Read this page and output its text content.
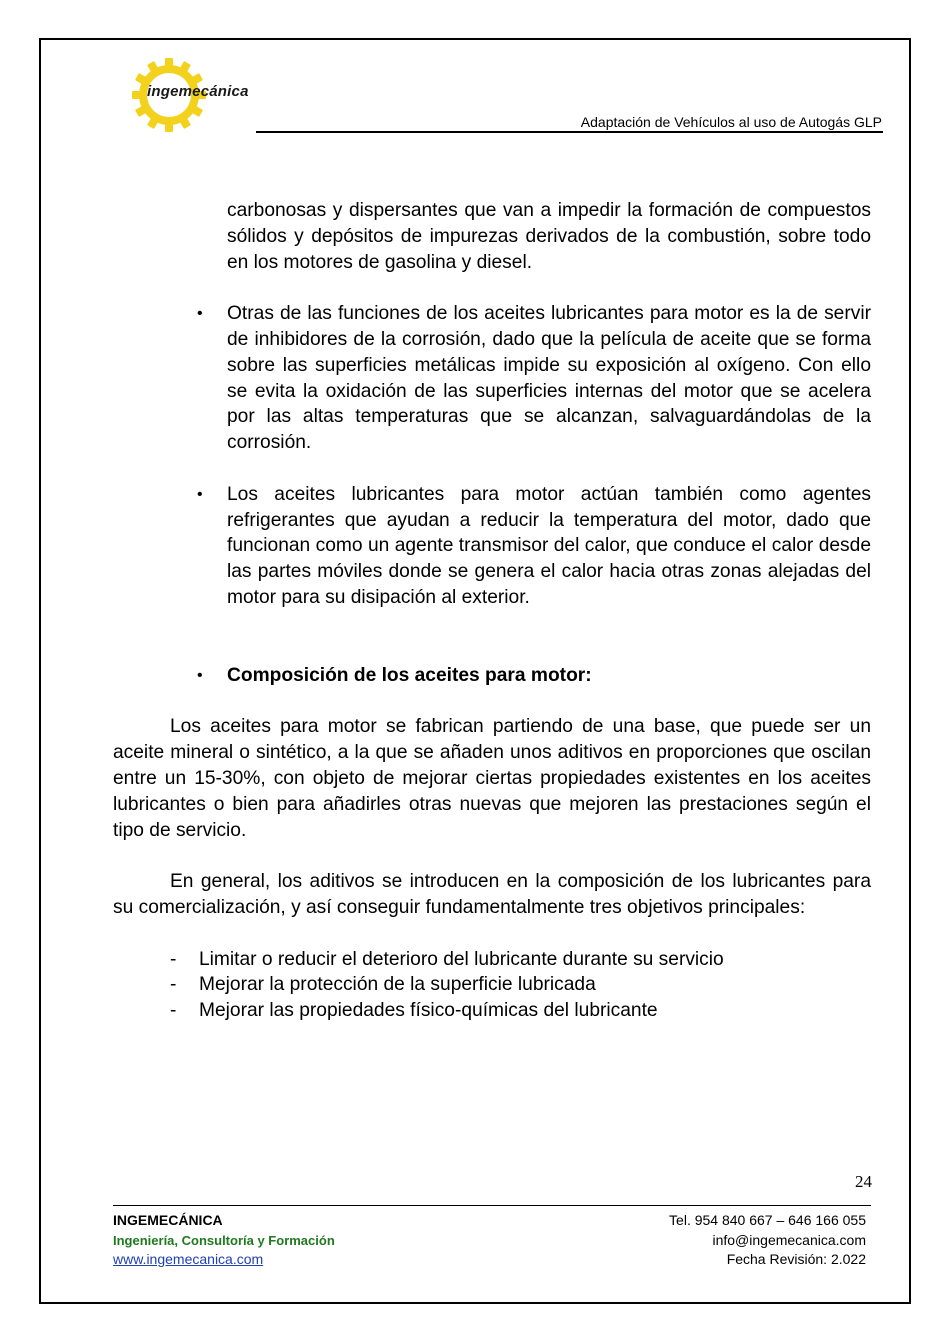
ingemecánica
Adaptación de Vehículos al uso de Autogás GLP

carbonosas y dispersantes que van a impedir la formación de compuestos sólidos y depósitos de impurezas derivados de la combustión, sobre todo en los motores de gasolina y diesel.

• Otras de las funciones de los aceites lubricantes para motor es la de servir de inhibidores de la corrosión, dado que la película de aceite que se forma sobre las superficies metálicas impide su exposición al oxígeno. Con ello se evita la oxidación de las superficies internas del motor que se acelera por las altas temperaturas que se alcanzan, salvaguardándolas de la corrosión.

• Los aceites lubricantes para motor actúan también como agentes refrigerantes que ayudan a reducir la temperatura del motor, dado que funcionan como un agente transmisor del calor, que conduce el calor desde las partes móviles donde se genera el calor hacia otras zonas alejadas del motor para su disipación al exterior.

• Composición de los aceites para motor:

Los aceites para motor se fabrican partiendo de una base, que puede ser un aceite mineral o sintético, a la que se añaden unos aditivos en proporciones que oscilan entre un 15-30%, con objeto de mejorar ciertas propiedades existentes en los aceites lubricantes o bien para añadirles otras nuevas que mejoren las prestaciones según el tipo de servicio.

En general, los aditivos se introducen en la composición de los lubricantes para su comercialización, y así conseguir fundamentalmente tres objetivos principales:

- Limitar o reducir el deterioro del lubricante durante su servicio
- Mejorar la protección de la superficie lubricada
- Mejorar las propiedades físico-químicas del lubricante
24
INGEMECÁNICA
Ingeniería, Consultoría y Formación
www.ingemecanica.com
Tel. 954 840 667 – 646 166 055
info@ingemecanica.com
Fecha Revisión: 2.022
